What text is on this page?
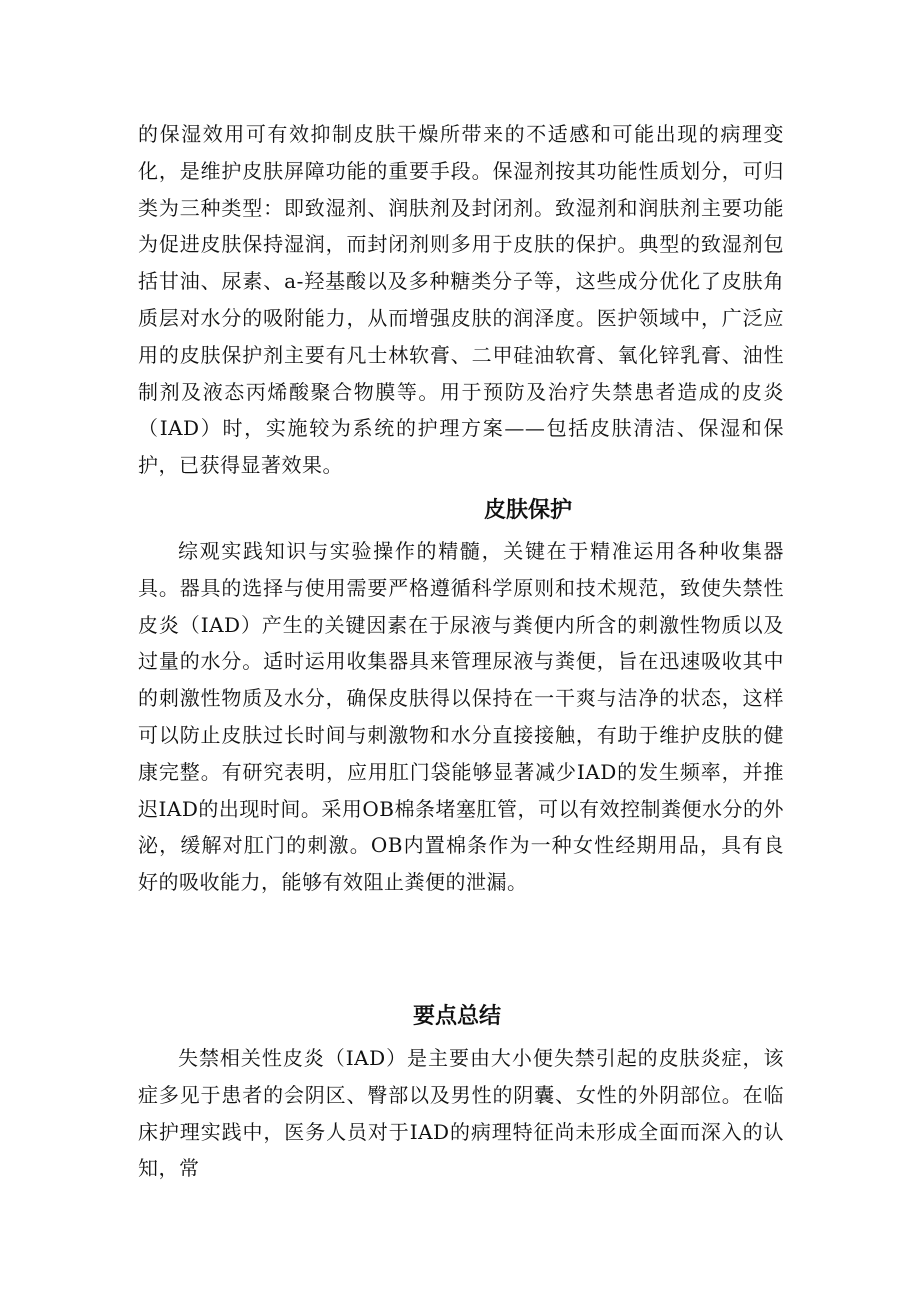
的保湿效用可有效抑制皮肤干燥所带来的不适感和可能出现的病理变化，是维护皮肤屏障功能的重要手段。保湿剂按其功能性质划分，可归类为三种类型：即致湿剂、润肤剂及封闭剂。致湿剂和润肤剂主要功能为促进皮肤保持湿润，而封闭剂则多用于皮肤的保护。典型的致湿剂包括甘油、尿素、a-羟基酸以及多种糖类分子等，这些成分优化了皮肤角质层对水分的吸附能力，从而增强皮肤的润泽度。医护领域中，广泛应用的皮肤保护剂主要有凡士林软膏、二甲硅油软膏、氧化锌乳膏、油性制剂及液态丙烯酸聚合物膜等。用于预防及治疗失禁患者造成的皮炎（IAD）时，实施较为系统的护理方案——包括皮肤清洁、保湿和保护，已获得显著效果。

皮肤保护

综观实践知识与实验操作的精髓，关键在于精准运用各种收集器具。器具的选择与使用需要严格遵循科学原则和技术规范，致使失禁性皮炎（IAD）产生的关键因素在于尿液与粪便内所含的刺激性物质以及过量的水分。适时运用收集器具来管理尿液与粪便，旨在迅速吸收其中的刺激性物质及水分，确保皮肤得以保持在一干爽与洁净的状态，这样可以防止皮肤过长时间与刺激物和水分直接接触，有助于维护皮肤的健康完整。有研究表明，应用肛门袋能够显著减少IAD的发生频率，并推迟IAD的出现时间。采用OB棉条堵塞肛管，可以有效控制粪便水分的外泌，缓解对肛门的刺激。OB内置棉条作为一种女性经期用品，具有良好的吸收能力，能够有效阻止粪便的泄漏。

要点总结

失禁相关性皮炎（IAD）是主要由大小便失禁引起的皮肤炎症，该症多见于患者的会阴区、臀部以及男性的阴囊、女性的外阴部位。在临床护理实践中，医务人员对于IAD的病理特征尚未形成全面而深入的认知，常
